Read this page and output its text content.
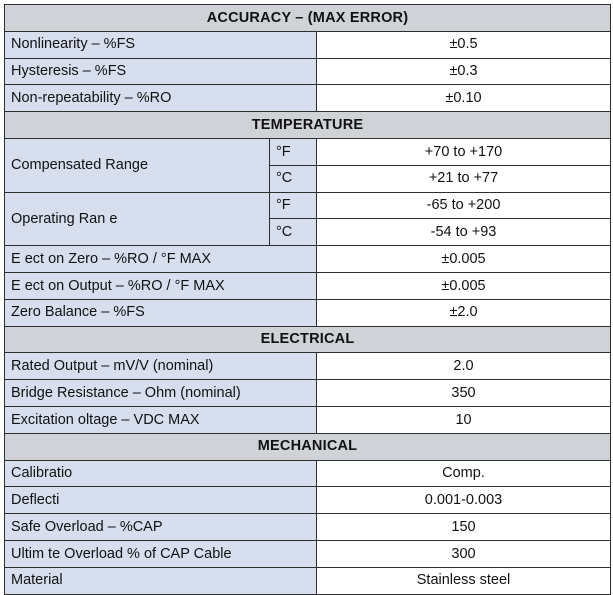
ACCURACY – (MAX ERROR)		
Nonlinearity – %FS		±0.5
Hysteresis – %FS		±0.3
Non-repeatability – %RO		±0.10
TEMPERATURE		
Compensated Range	°F	+70 to +170
	°C	+21 to +77
Operating Ran e	°F	-65 to +200
	°C	-54 to +93
E ect on Zero – %RO / °F MAX		±0.005
E ect on Output – %RO / °F MAX		±0.005
Zero Balance – %FS		±2.0
ELECTRICAL		
Rated Output – mV/V (nominal)		2.0
Bridge Resistance – Ohm (nominal)		350
Excitation oltage – VDC MAX		10
MECHANICAL		
Calibratio		Comp.
Deflecti		0.001-0.003
Safe Overload – %CAP		150
Ultim te Overload % of CAP Cable		300
Material		Stainless steel
